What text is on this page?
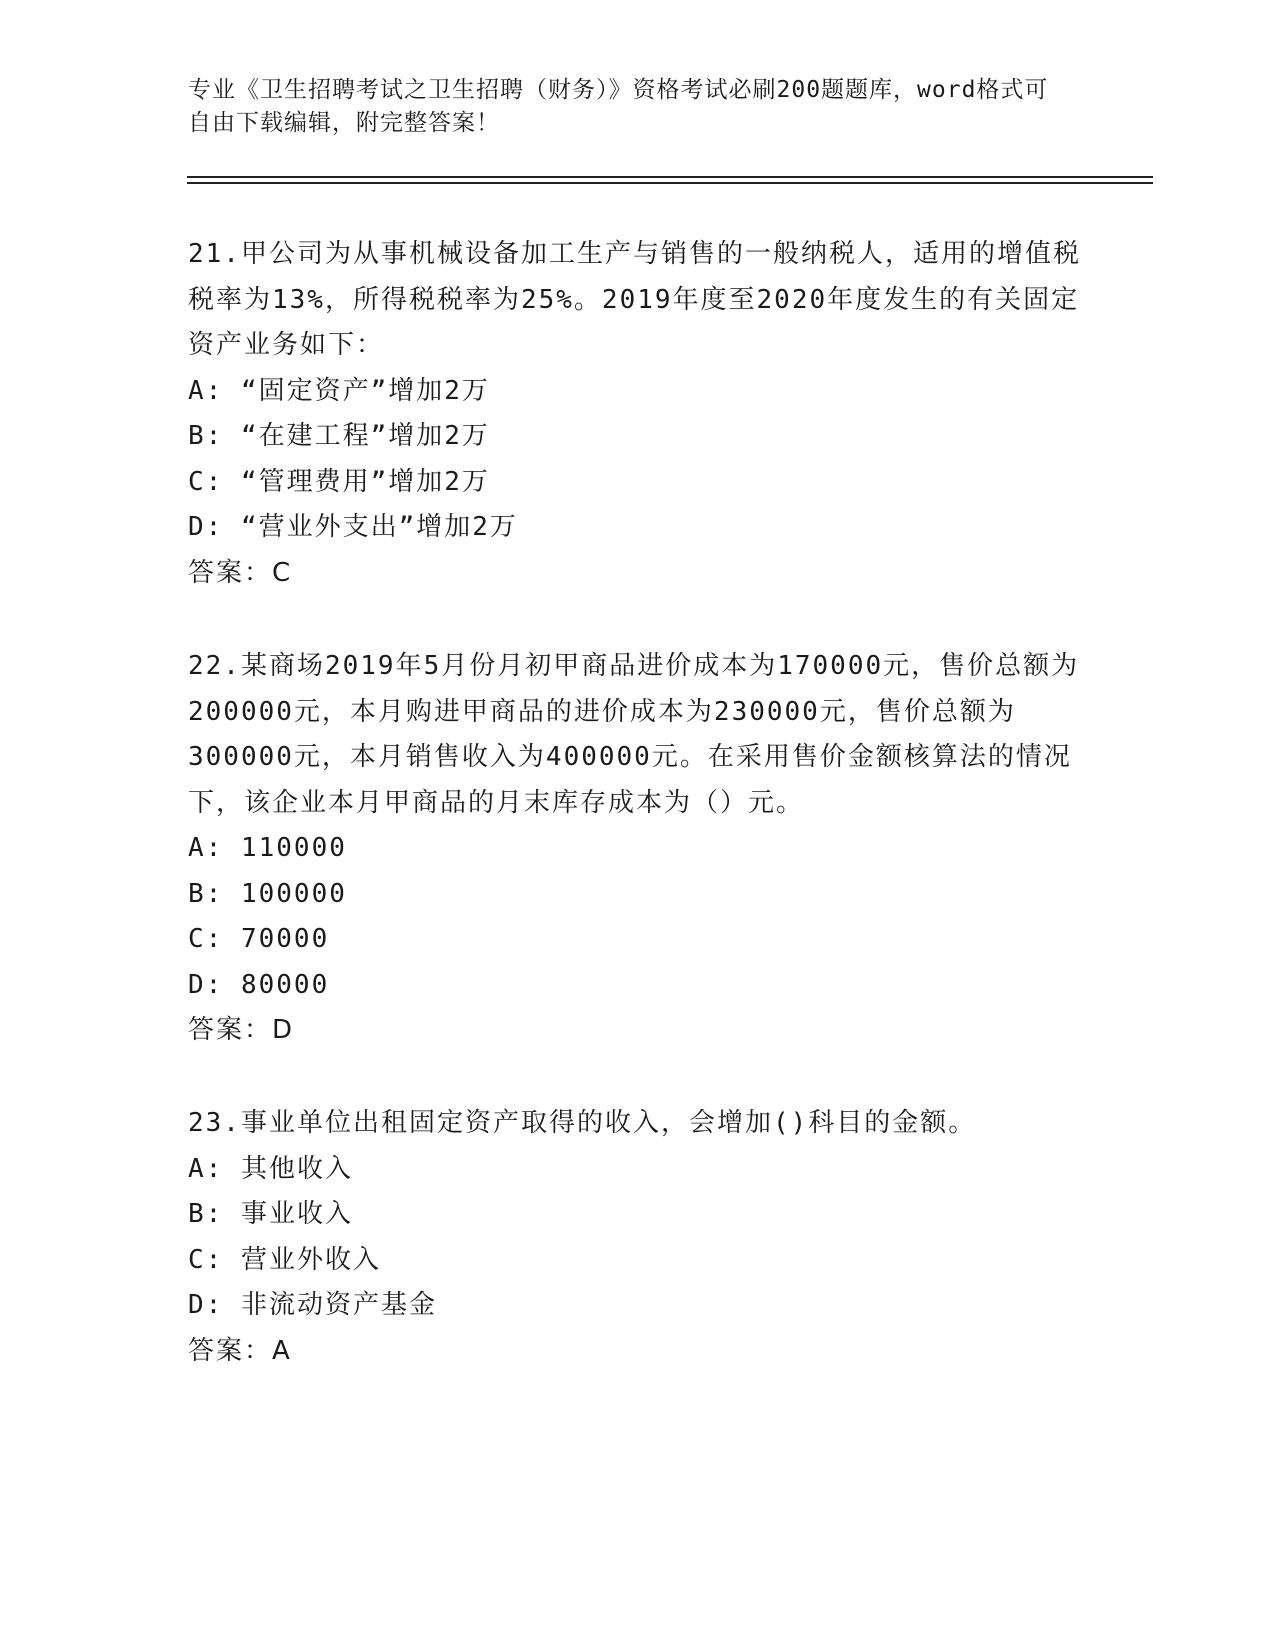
专业《卫生招聘考试之卫生招聘（财务）》资格考试必刷200题题库，word格式可自由下载编辑，附完整答案！

21.甲公司为从事机械设备加工生产与销售的一般纳税人，适用的增值税税率为13%，所得税税率为25%。2019年度至2020年度发生的有关固定资产业务如下：

A: “固定资产”增加2万

B: “在建工程”增加2万

C: “管理费用”增加2万

D: “营业外支出”增加2万

答案：C

22.某商场2019年5月份月初甲商品进价成本为170000元，售价总额为200000元，本月购进甲商品的进价成本为230000元，售价总额为300000元，本月销售收入为400000元。在采用售价金额核算法的情况下，该企业本月甲商品的月末库存成本为（）元。

A: 110000

B: 100000

C: 70000

D: 80000

答案：D

23.事业单位出租固定资产取得的收入，会增加()科目的金额。

A: 其他收入

B: 事业收入

C: 营业外收入

D: 非流动资产基金

答案：A
